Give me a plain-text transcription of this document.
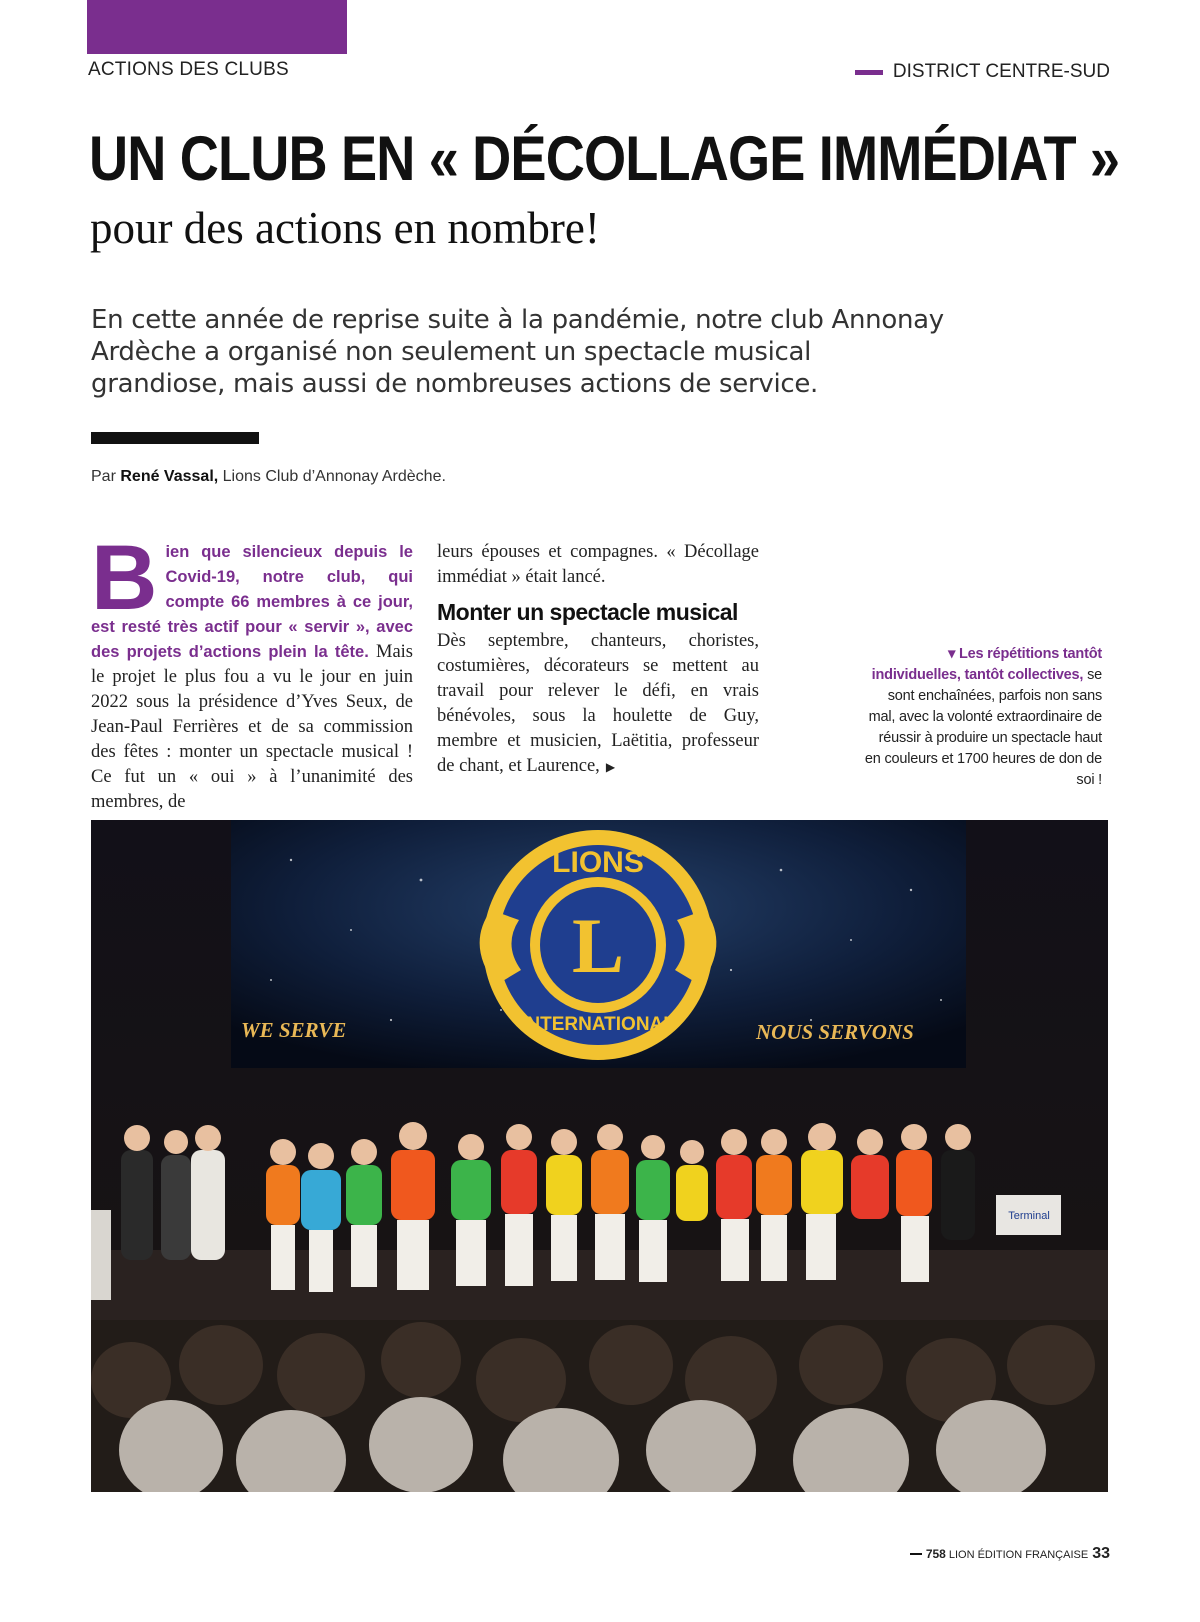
ACTIONS DES CLUBS	DISTRICT CENTRE-SUD
UN CLUB EN « DÉCOLLAGE IMMÉDIAT »
pour des actions en nombre!

En cette année de reprise suite à la pandémie, notre club Annonay Ardèche a organisé non seulement un spectacle musical grandiose, mais aussi de nombreuses actions de service.

Par René Vassal, Lions Club d’Annonay Ardèche.
Bien que silencieux depuis le Covid-19, notre club, qui compte 66 membres à ce jour, est resté très actif pour « servir », avec des projets d’actions plein la tête. Mais le projet le plus fou a vu le jour en juin 2022 sous la présidence d’Yves Seux, de Jean-Paul Ferrières et de sa commission des fêtes : monter un spectacle musical ! Ce fut un « oui » à l’unanimité des membres, de
leurs épouses et compagnes. « Décollage immédiat » était lancé.
Monter un spectacle musical
Dès septembre, chanteurs, choristes, costumières, décorateurs se mettent au travail pour relever le défi, en vrais bénévoles, sous la houlette de Guy, membre et musicien, Laëtitia, professeur de chant, et Laurence, ▶
▾ Les répétitions tantôt individuelles, tantôt collectives, se sont enchaînées, parfois non sans mal, avec la volonté extraordinaire de réussir à produire un spectacle haut en couleurs et 1700 heures de don de soi !
LIONS
L
INTERNATIONAL
WE SERVE	NOUS SERVONS
Terminal
758 LION ÉDITION FRANÇAISE 33
